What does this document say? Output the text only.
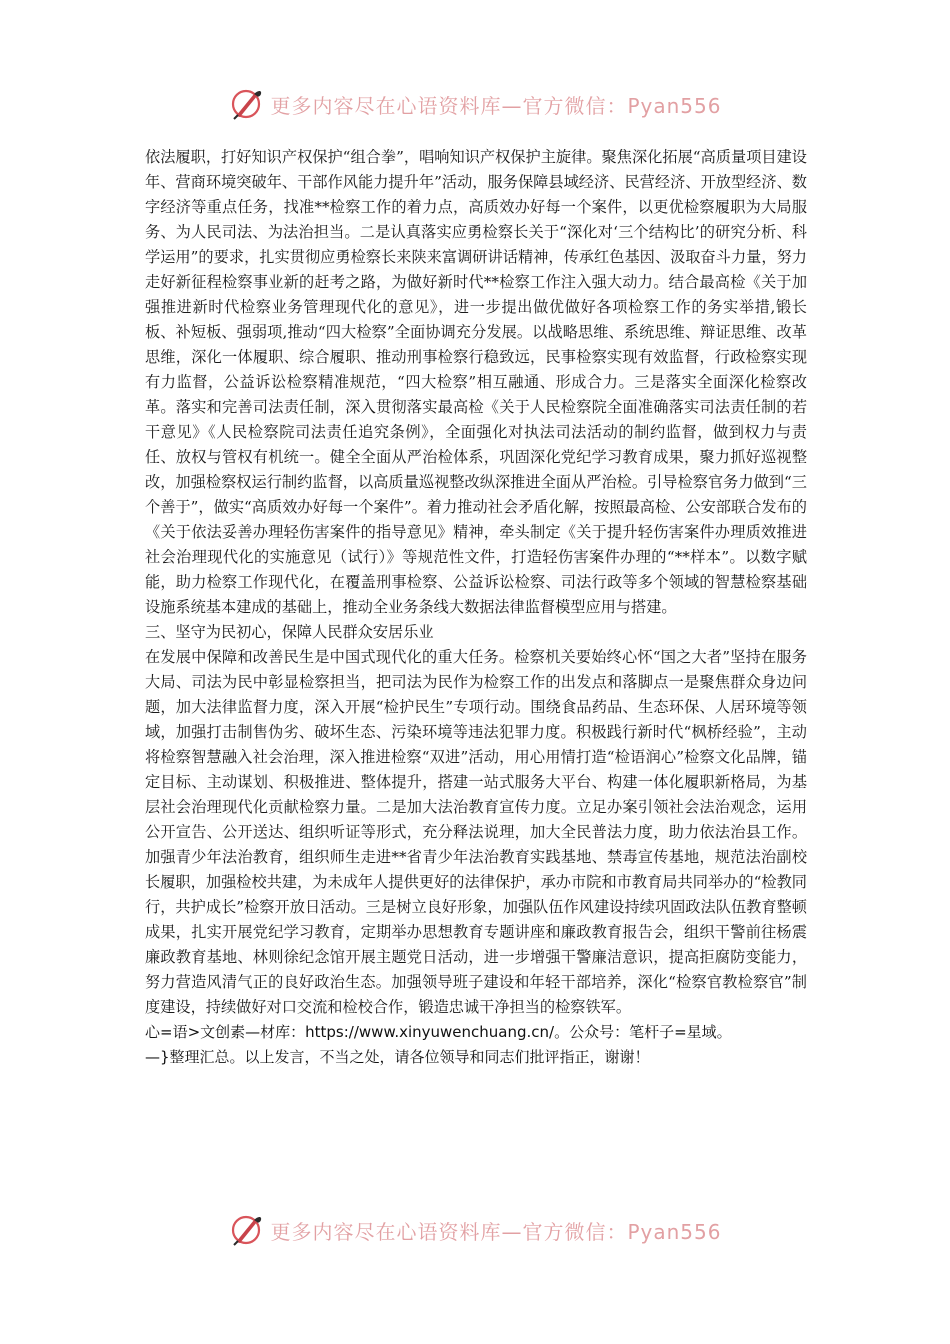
更多内容尽在心语资料库—官方微信：Pyan556

依法履职，打好知识产权保护“组合拳”，唱响知识产权保护主旋律。聚焦深化拓展“高质量项目建设年、营商环境突破年、干部作风能力提升年”活动，服务保障县域经济、民营经济、开放型经济、数字经济等重点任务，找准**检察工作的着力点，高质效办好每一个案件，以更优检察履职为大局服务、为人民司法、为法治担当。二是认真落实应勇检察长关于“深化对‘三个结构比’的研究分析、科学运用”的要求，扎实贯彻应勇检察长来陕来富调研讲话精神，传承红色基因、汲取奋斗力量，努力走好新征程检察事业新的赶考之路，为做好新时代**检察工作注入强大动力。结合最高检《关于加强推进新时代检察业务管理现代化的意见》，进一步提出做优做好各项检察工作的务实举措,锻长板、补短板、强弱项,推动“四大检察”全面协调充分发展。以战略思维、系统思维、辩证思维、改革思维，深化一体履职、综合履职、推动刑事检察行稳致远，民事检察实现有效监督，行政检察实现有力监督，公益诉讼检察精准规范，“四大检察”相互融通、形成合力。三是落实全面深化检察改革。落实和完善司法责任制，深入贯彻落实最高检《关于人民检察院全面准确落实司法责任制的若干意见》《人民检察院司法责任追究条例》，全面强化对执法司法活动的制约监督，做到权力与责任、放权与管权有机统一。健全全面从严治检体系，巩固深化党纪学习教育成果，聚力抓好巡视整改，加强检察权运行制约监督，以高质量巡视整改纵深推进全面从严治检。引导检察官务力做到“三个善于”，做实“高质效办好每一个案件”。着力推动社会矛盾化解，按照最高检、公安部联合发布的《关于依法妥善办理轻伤害案件的指导意见》精神，牵头制定《关于提升轻伤害案件办理质效推进社会治理现代化的实施意见（试行）》等规范性文件，打造轻伤害案件办理的“**样本”。以数字赋能，助力检察工作现代化，在覆盖刑事检察、公益诉讼检察、司法行政等多个领域的智慧检察基础设施系统基本建成的基础上，推动全业务条线大数据法律监督模型应用与搭建。

三、坚守为民初心，保障人民群众安居乐业

在发展中保障和改善民生是中国式现代化的重大任务。检察机关要始终心怀“国之大者”坚持在服务大局、司法为民中彰显检察担当，把司法为民作为检察工作的出发点和落脚点一是聚焦群众身边问题，加大法律监督力度，深入开展“检护民生”专项行动。围绕食品药品、生态环保、人居环境等领域，加强打击制售伪劣、破坏生态、污染环境等违法犯罪力度。积极践行新时代“枫桥经验”，主动将检察智慧融入社会治理，深入推进检察“双进”活动，用心用情打造“检语润心”检察文化品牌，锚定目标、主动谋划、积极推进、整体提升，搭建一站式服务大平台、构建一体化履职新格局，为基层社会治理现代化贡献检察力量。二是加大法治教育宣传力度。立足办案引领社会法治观念，运用公开宣告、公开送达、组织听证等形式，充分释法说理，加大全民普法力度，助力依法治县工作。加强青少年法治教育，组织师生走进**省青少年法治教育实践基地、禁毒宣传基地，规范法治副校长履职，加强检校共建，为未成年人提供更好的法律保护，承办市院和市教育局共同举办的“检教同行，共护成长”检察开放日活动。三是树立良好形象，加强队伍作风建设持续巩固政法队伍教育整顿成果，扎实开展党纪学习教育，定期举办思想教育专题讲座和廉政教育报告会，组织干警前往杨震廉政教育基地、林则徐纪念馆开展主题党日活动，进一步增强干警廉洁意识，提高拒腐防变能力，努力营造风清气正的良好政治生态。加强领导班子建设和年轻干部培养，深化“检察官教检察官”制度建设，持续做好对口交流和检校合作，锻造忠诚干净担当的检察铁军。

心=语>文创素—材库：https://www.xinyuwenchuang.cn/。公众号：笔杆子=星域。

—}整理汇总。以上发言，不当之处，请各位领导和同志们批评指正，谢谢！

更多内容尽在心语资料库—官方微信：Pyan556
